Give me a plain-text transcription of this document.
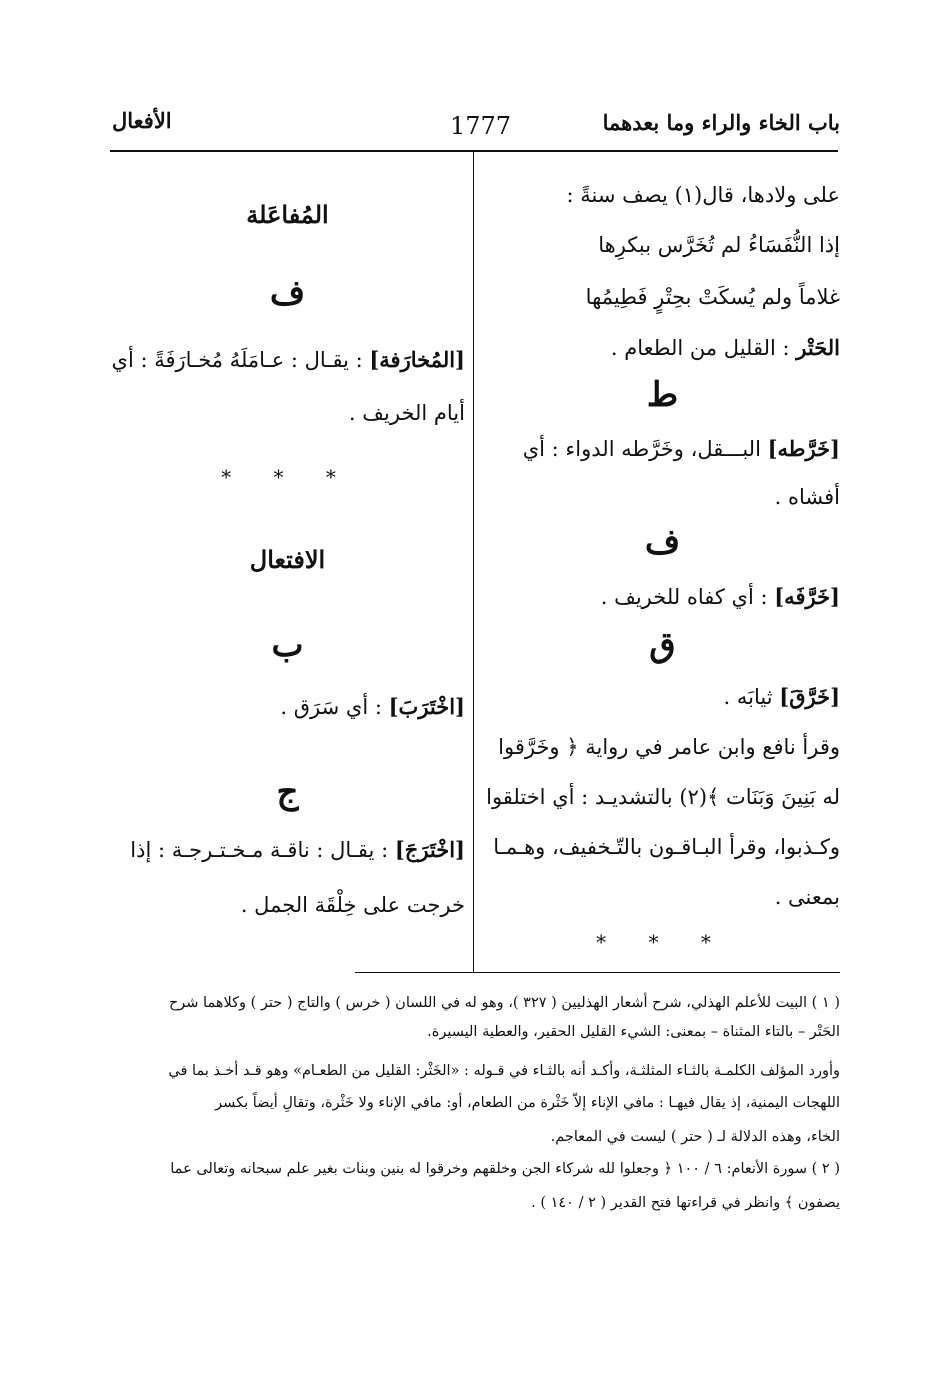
باب الخاء والراء وما بعدهما
1777
الأفعال
على ولادها، قال(١) يصف سنةً :
إذا النُّفَسَاءُ لم تُخَرَّس ببكرِها
غلاماً ولم يُسكَتْ بحِتْرٍ فَطِيمُها
الحَتْر : القليل من الطعام .
ط
[خَرَّطه] البـــقل، وخَرَّطه الدواء : أي
أفشاه .
ف
[خَرَّفَه] : أي كفاه للخريف .
ق
[خَرَّقَ] ثيابَه .
وقرأ نافع وابن عامر في رواية ﴿ وخَرَّقوا
له بَنِينَ وَبَنَات ﴾(٢) بالتشديـد : أي اختلقوا
وكـذبوا، وقرأ البـاقـون بالتّـخفيف، وهـمـا
بمعنى .
* * *
المُفاعَلة
ف
[المُخارَفة] : يقـال : عـامَلَهُ مُخـارَفَةً : أي
أيام الخريف .
* * *
الافتعال
ب
[اخْتَرَبَ] : أي سَرَق .
ج
[اخْتَرَجَ] : يقـال : ناقـة مـخـتـرجـة : إذا
خرجت على خِلْقَة الجمل .
( ١ ) البيت للأعلم الهذلي، شرح أشعار الهذليين ( ٣٢٧ )، وهو له في اللسان ( خرس ) والتاج ( حتر ) وكلاهما شرح
الحَتْر – بالتاء المثناة – بمعنى: الشيء القليل الحقير، والعطية اليسيرة.
وأورد المؤلف الكلمـة بالثـاء المثلثـة، وأكـد أنه بالثـاء في قـوله : «الخَثْر: القليل من الطعـام» وهو قـد أخـذ بما في
اللهجات اليمنية، إذ يقال فيهـا : مافي الإناء إلاّ خَثْرة من الطعام، أو: مافي الإناء ولا خَثْرة، وتقالِ أيضاً بكسر
الخاء، وهذه الدلالة لـ ( حتر ) ليست في المعاجم.
( ٢ ) سورة الأنعام: ٦ / ١٠٠ ﴿ وجعلوا لله شركاء الجن وخلقهم وخرقوا له بنين وبنات بغير علم سبحانه وتعالى عما
يصفون ﴾ وانظر في قراءتها فتح القدير ( ٢ / ١٤٠ ) .
